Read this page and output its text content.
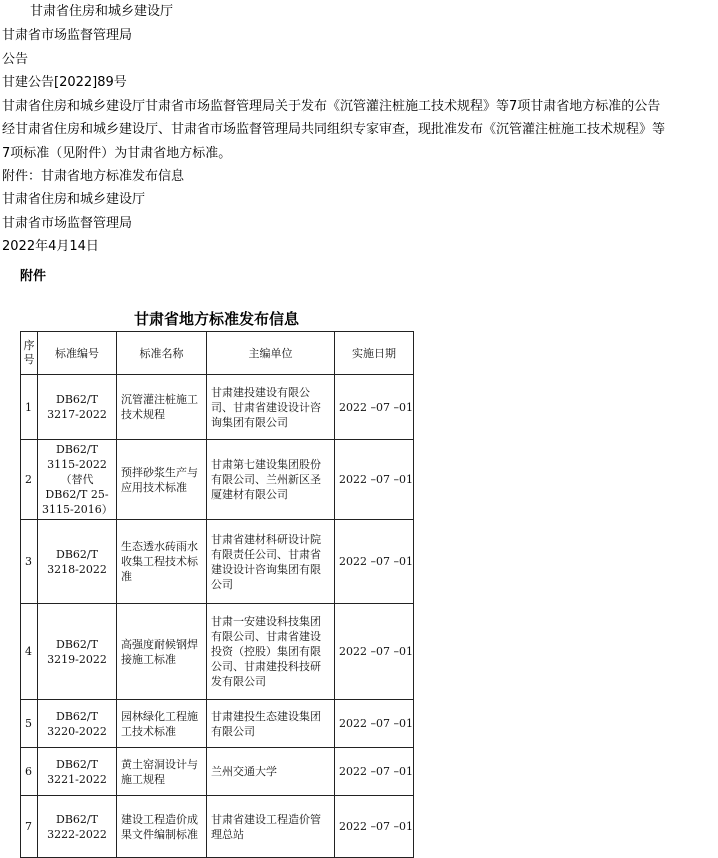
甘肃省住房和城乡建设厅
甘肃省市场监督管理局
公告
甘建公告[2022]89号
甘肃省住房和城乡建设厅甘肃省市场监督管理局关于发布《沉管灌注桩施工技术规程》等7项甘肃省地方标准的公告
经甘肃省住房和城乡建设厅、甘肃省市场监督管理局共同组织专家审查，现批准发布《沉管灌注桩施工技术规程》等
7项标准（见附件）为甘肃省地方标准。
附件：甘肃省地方标准发布信息
甘肃省住房和城乡建设厅
甘肃省市场监督管理局
2022年4月14日
附件
甘肃省地方标准发布信息
序号	标准编号	标准名称	主编单位	实施日期
1	DB62/T 3217-2022	沉管灌注桩施工技术规程	甘肃建投建设有限公司、甘肃省建设设计咨询集团有限公司	2022 –07 –01
2	DB62/T 3115-2022（替代DB62/T 25-3115-2016）	预拌砂浆生产与应用技术标准	甘肃第七建设集团股份有限公司、兰州新区圣厦建材有限公司	2022 –07 –01
3	DB62/T 3218-2022	生态透水砖雨水收集工程技术标准	甘肃省建材科研设计院有限责任公司、甘肃省建设设计咨询集团有限公司	2022 –07 –01
4	DB62/T 3219-2022	高强度耐候钢焊接施工标准	甘肃一安建设科技集团有限公司、甘肃省建设投资（控股）集团有限公司、甘肃建投科技研发有限公司	2022 –07 –01
5	DB62/T 3220-2022	园林绿化工程施工技术标准	甘肃建投生态建设集团有限公司	2022 –07 –01
6	DB62/T 3221-2022	黄土窑洞设计与施工规程	兰州交通大学	2022 –07 –01
7	DB62/T 3222-2022	建设工程造价成果文件编制标准	甘肃省建设工程造价管理总站	2022 –07 –01
